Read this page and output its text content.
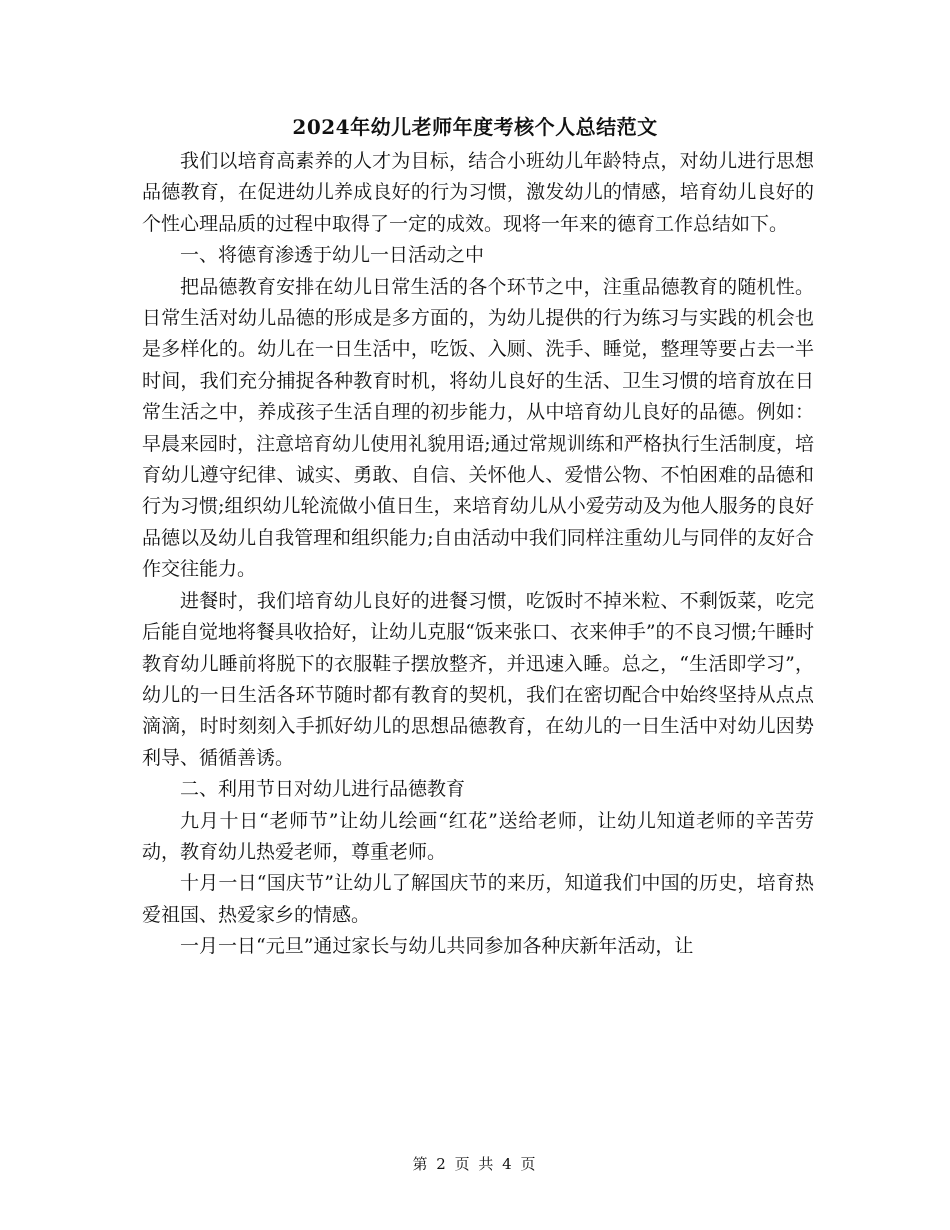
2024年幼儿老师年度考核个人总结范文

我们以培育高素养的人才为目标，结合小班幼儿年龄特点，对幼儿进行思想品德教育，在促进幼儿养成良好的行为习惯，激发幼儿的情感，培育幼儿良好的个性心理品质的过程中取得了一定的成效。现将一年来的德育工作总结如下。

一、将德育渗透于幼儿一日活动之中

把品德教育安排在幼儿日常生活的各个环节之中，注重品德教育的随机性。日常生活对幼儿品德的形成是多方面的，为幼儿提供的行为练习与实践的机会也是多样化的。幼儿在一日生活中，吃饭、入厕、洗手、睡觉，整理等要占去一半时间，我们充分捕捉各种教育时机，将幼儿良好的生活、卫生习惯的培育放在日常生活之中，养成孩子生活自理的初步能力，从中培育幼儿良好的品德。例如：早晨来园时，注意培育幼儿使用礼貌用语;通过常规训练和严格执行生活制度，培育幼儿遵守纪律、诚实、勇敢、自信、关怀他人、爱惜公物、不怕困难的品德和行为习惯;组织幼儿轮流做小值日生，来培育幼儿从小爱劳动及为他人服务的良好品德以及幼儿自我管理和组织能力;自由活动中我们同样注重幼儿与同伴的友好合作交往能力。

进餐时，我们培育幼儿良好的进餐习惯，吃饭时不掉米粒、不剩饭菜，吃完后能自觉地将餐具收拾好，让幼儿克服“饭来张口、衣来伸手”的不良习惯;午睡时教育幼儿睡前将脱下的衣服鞋子摆放整齐，并迅速入睡。总之，“生活即学习”，幼儿的一日生活各环节随时都有教育的契机，我们在密切配合中始终坚持从点点滴滴，时时刻刻入手抓好幼儿的思想品德教育，在幼儿的一日生活中对幼儿因势利导、循循善诱。

二、利用节日对幼儿进行品德教育

九月十日“老师节”让幼儿绘画“红花”送给老师，让幼儿知道老师的辛苦劳动，教育幼儿热爱老师，尊重老师。

十月一日“国庆节”让幼儿了解国庆节的来历，知道我们中国的历史，培育热爱祖国、热爱家乡的情感。

一月一日“元旦”通过家长与幼儿共同参加各种庆新年活动，让

第 2 页 共 4 页
